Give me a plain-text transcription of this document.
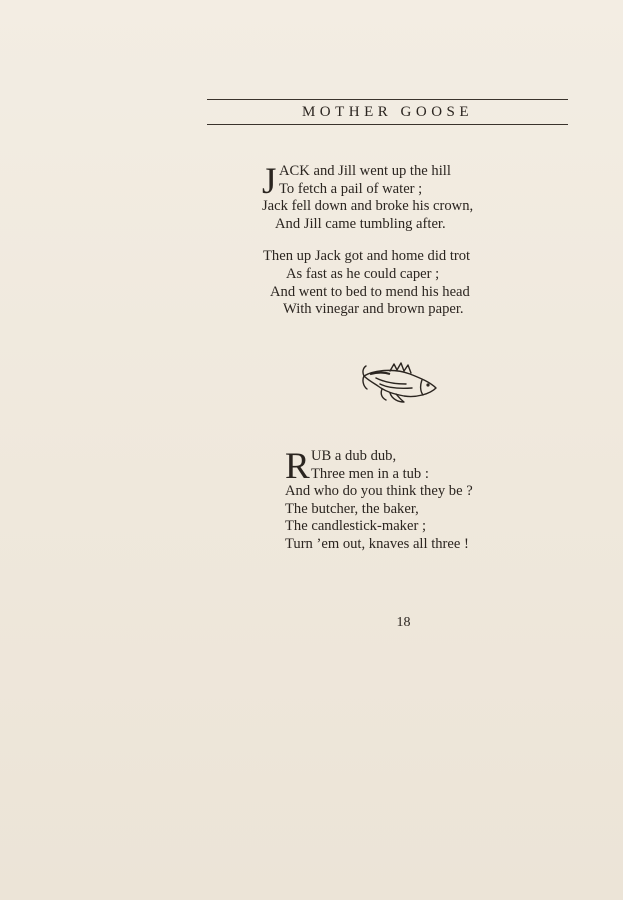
MOTHER GOOSE
J ACK and Jill went up the hill
To fetch a pail of water ;
Jack fell down and broke his crown,
And Jill came tumbling after.
Then up Jack got and home did trot
As fast as he could caper ;
And went to bed to mend his head
With vinegar and brown paper.
R UB a dub dub,
Three men in a tub :
And who do you think they be ?
The butcher, the baker,
The candlestick-maker ;
Turn ’em out, knaves all three !
18
